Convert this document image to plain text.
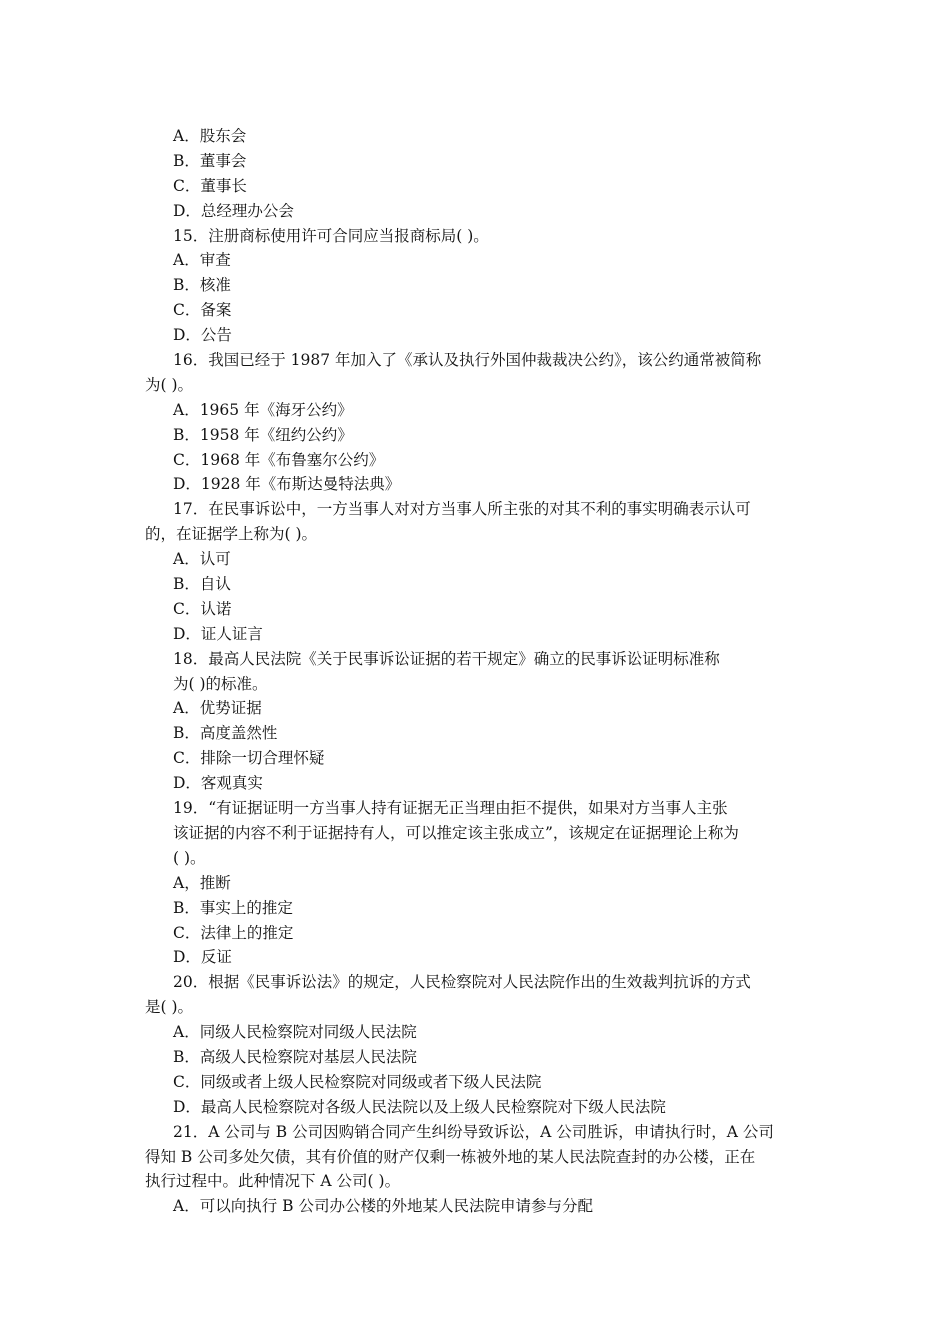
A．股东会
B．董事会
C．董事长
D．总经理办公会
15．注册商标使用许可合同应当报商标局( )。
A．审查
B．核准
C．备案
D．公告
16．我国已经于 1987 年加入了《承认及执行外国仲裁裁决公约》，该公约通常被简称
为( )。
A．1965 年《海牙公约》
B．1958 年《纽约公约》
C．1968 年《布鲁塞尔公约》
D．1928 年《布斯达曼特法典》
17．在民事诉讼中，一方当事人对对方当事人所主张的对其不利的事实明确表示认可
的，在证据学上称为( )。
A．认可
B．自认
C．认诺
D．证人证言
18．最高人民法院《关于民事诉讼证据的若干规定》确立的民事诉讼证明标准称
为( )的标准。
A．优势证据
B．高度盖然性
C．排除一切合理怀疑
D．客观真实
19．“有证据证明一方当事人持有证据无正当理由拒不提供，如果对方当事人主张
该证据的内容不利于证据持有人，可以推定该主张成立”，该规定在证据理论上称为
( )。
A，推断
B．事实上的推定
C．法律上的推定
D．反证
20．根据《民事诉讼法》的规定，人民检察院对人民法院作出的生效裁判抗诉的方式
是( )。
A．同级人民检察院对同级人民法院
B．高级人民检察院对基层人民法院
C．同级或者上级人民检察院对同级或者下级人民法院
D．最高人民检察院对各级人民法院以及上级人民检察院对下级人民法院
21．A 公司与 B 公司因购销合同产生纠纷导致诉讼，A 公司胜诉，申请执行时，A 公司
得知 B 公司多处欠债，其有价值的财产仅剩一栋被外地的某人民法院查封的办公楼，正在
执行过程中。此种情况下 A 公司( )。
A．可以向执行 B 公司办公楼的外地某人民法院申请参与分配
